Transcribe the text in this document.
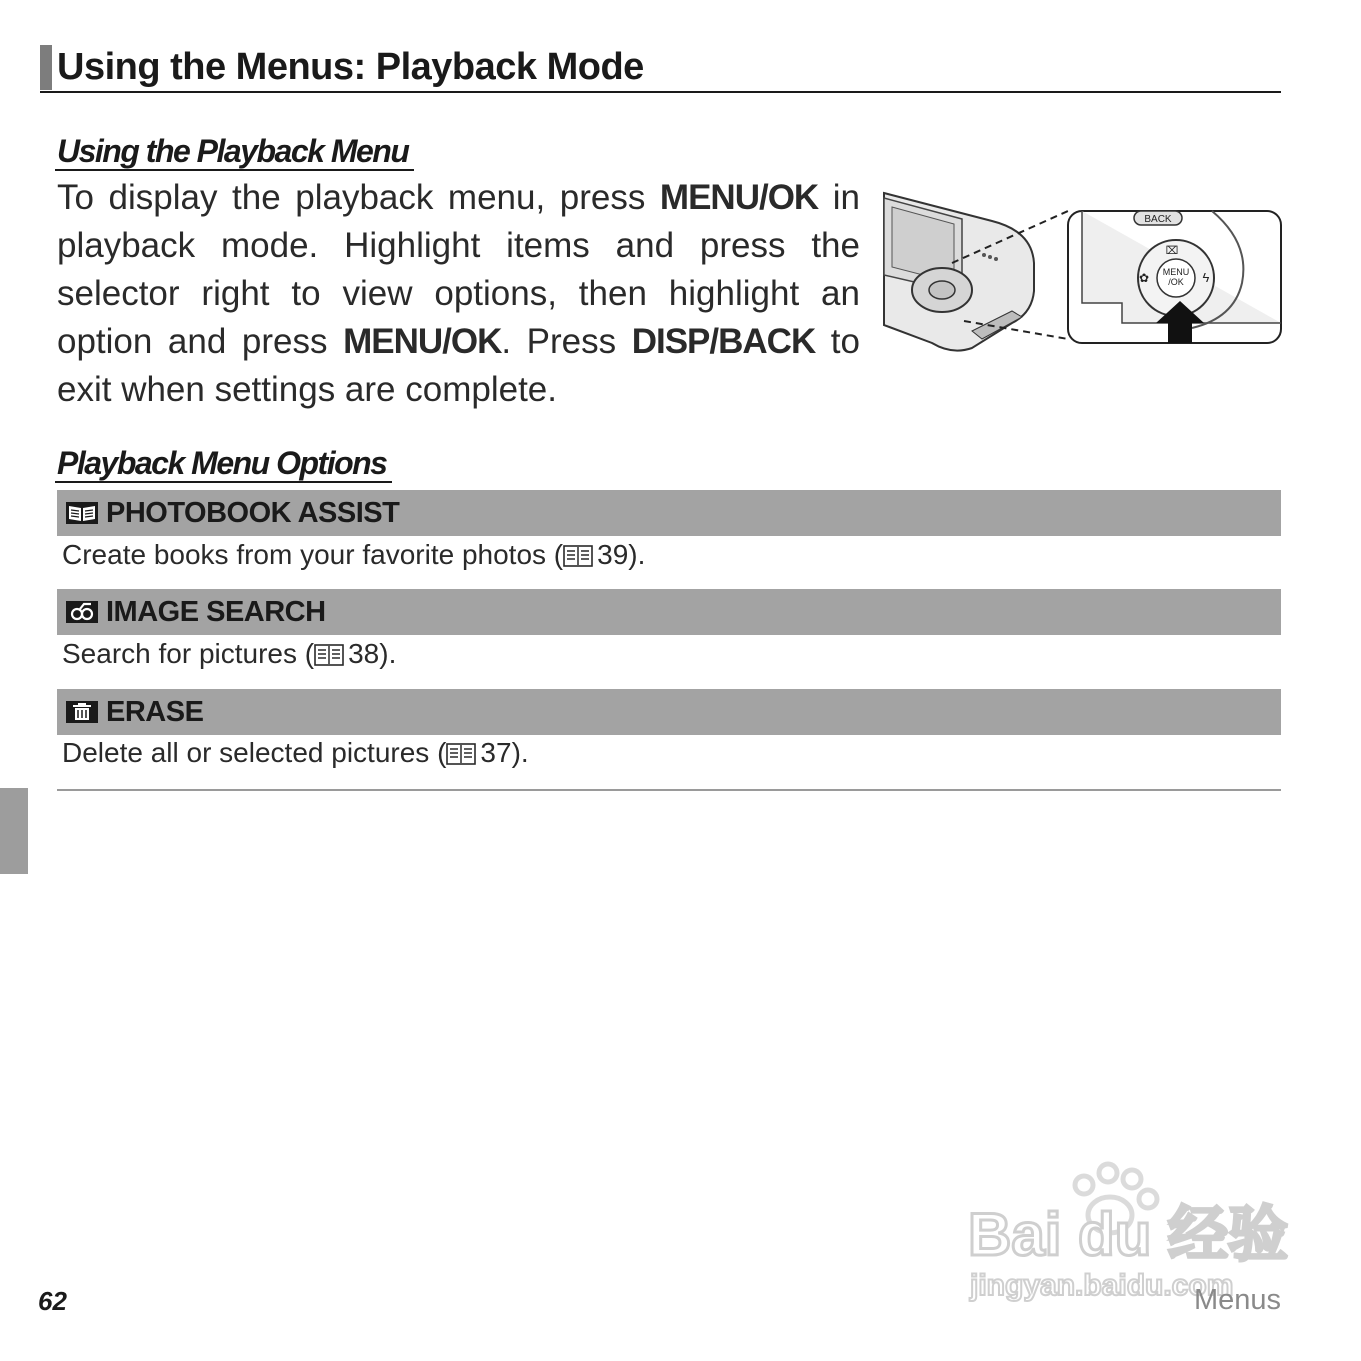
Using the Menus: Playback Mode
Using the Playback Menu
To display the playback menu, press MENU/OK in playback mode. Highlight items and press the selector right to view options, then highlight an option and press MENU/OK. Press DISP/BACK to exit when settings are complete.
BACK
MENU
/OK
✿	ϟ
⌧
Playback Menu Options
PHOTOBOOK ASSIST
Create books from your favorite photos ( 39).
IMAGE SEARCH
Search for pictures ( 38).
ERASE
Delete all or selected pictures ( 37).
Bai du 经验
jingyan.baidu.com
62	Menus
